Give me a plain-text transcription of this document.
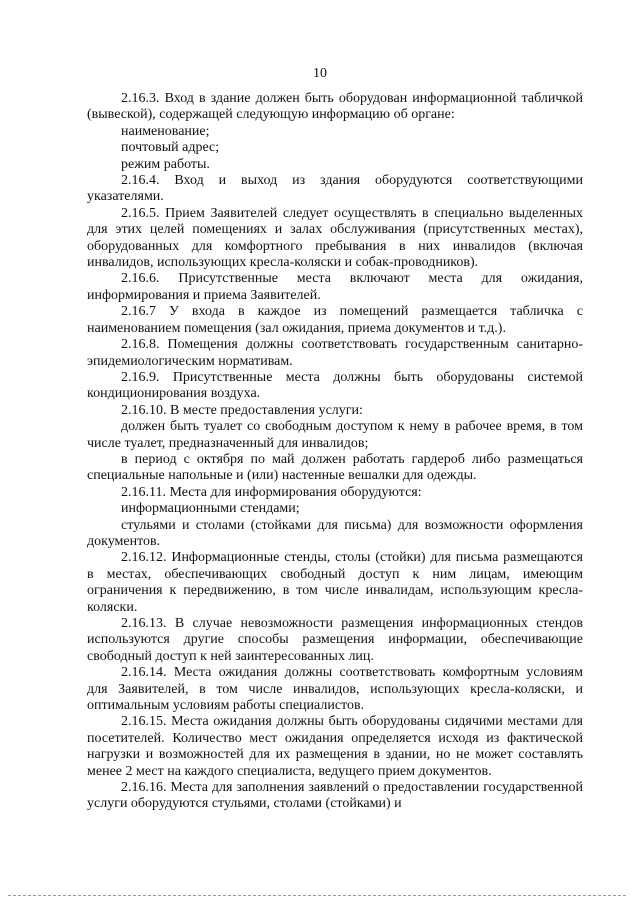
10

2.16.3. Вход в здание должен быть оборудован информационной табличкой (вывеской), содержащей следующую информацию об органе:

наименование;

почтовый адрес;

режим работы.

2.16.4. Вход и выход из здания оборудуются соответствующими указателями.

2.16.5. Прием Заявителей следует осуществлять в специально выделенных для этих целей помещениях и залах обслуживания (присутственных местах), оборудованных для комфортного пребывания в них инвалидов (включая инвалидов, использующих кресла-коляски и собак-проводников).

2.16.6. Присутственные места включают места для ожидания, информирования и приема Заявителей.

2.16.7 У входа в каждое из помещений размещается табличка с наименованием помещения (зал ожидания, приема документов и т.д.).

2.16.8. Помещения должны соответствовать государственным санитарно-эпидемиологическим нормативам.

2.16.9. Присутственные места должны быть оборудованы системой кондиционирования воздуха.

2.16.10. В месте предоставления услуги:

должен быть туалет со свободным доступом к нему в рабочее время, в том числе туалет, предназначенный для инвалидов;

в период с октября по май должен работать гардероб либо размещаться специальные напольные и (или) настенные вешалки для одежды.

2.16.11. Места для информирования оборудуются:

информационными стендами;

стульями и столами (стойками для письма) для возможности оформления документов.

2.16.12. Информационные стенды, столы (стойки) для письма размещаются в местах, обеспечивающих свободный доступ к ним лицам, имеющим ограничения к передвижению, в том числе инвалидам, использующим кресла-коляски.

2.16.13. В случае невозможности размещения информационных стендов используются другие способы размещения информации, обеспечивающие свободный доступ к ней заинтересованных лиц.

2.16.14. Места ожидания должны соответствовать комфортным условиям для Заявителей, в том числе инвалидов, использующих кресла-коляски, и оптимальным условиям работы специалистов.

2.16.15. Места ожидания должны быть оборудованы сидячими местами для посетителей. Количество мест ожидания определяется исходя из фактической нагрузки и возможностей для их размещения в здании, но не может составлять менее 2 мест на каждого специалиста, ведущего прием документов.

2.16.16. Места для заполнения заявлений о предоставлении государственной услуги оборудуются стульями, столами (стойками) и
